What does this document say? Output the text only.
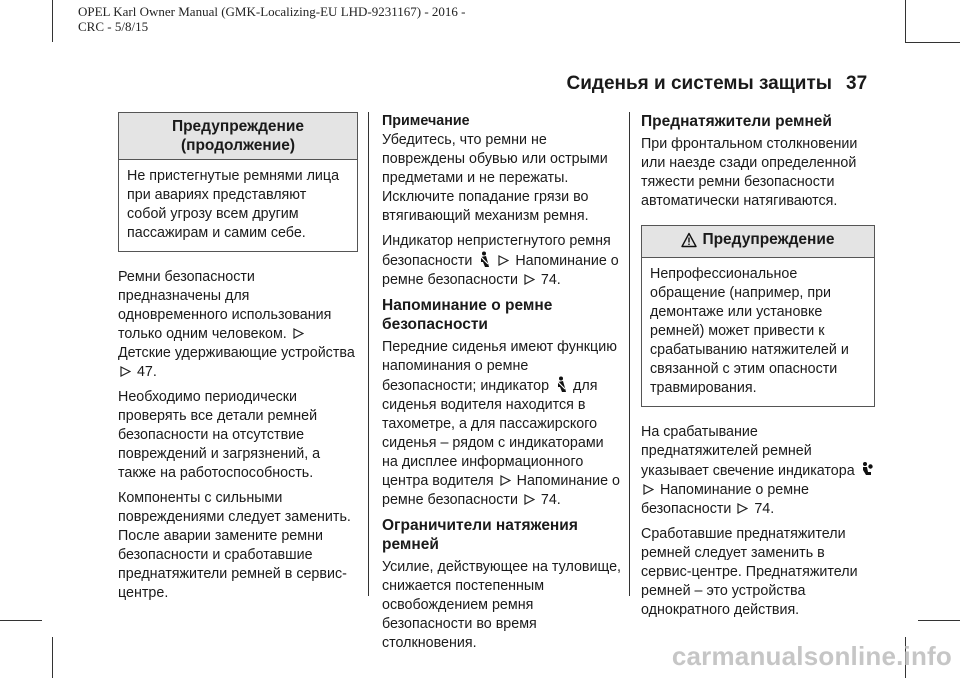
OPEL Karl Owner Manual (GMK-Localizing-EU LHD-9231167) - 2016 -
CRC - 5/8/15
Сиденья и системы защиты 37
Предупреждение
(продолжение)
Не пристегнутые ремнями лица при авариях представляют собой угрозу всем другим пассажирам и самим себе.

Ремни безопасности предназначены для одновременного использования только одним человеком.  Детские удерживающие устройства  47.

Необходимо периодически проверять все детали ремней безопасности на отсутствие повреждений и загрязнений, а также на работоспособность.

Компоненты с сильными повреждениями следует заменить. После аварии замените ремни безопасности и сработавшие преднатяжители ремней в сервис-центре.

Примечание

Убедитесь, что ремни не повреждены обувью или острыми предметами и не пережаты. Исключите попадание грязи во втягивающий механизм ремня.

Индикатор непристегнутого ремня безопасности	Напоминание о ремне безопасности 74.

Напоминание о ремне безопасности

Передние сиденья имеют функцию напоминания о ремне безопасности; индикатор для сиденья водителя находится в тахометре, а для пассажирского сиденья – рядом с индикаторами на дисплее информационного центра водителя Напоминание о ремне безопасности 74.

Ограничители натяжения ремней

Усилие, действующее на туловище, снижается постепенным освобождением ремня безопасности во время столкновения.

Преднатяжители ремней

При фронтальном столкновении или наезде сзади определенной тяжести ремни безопасности автоматически натягиваются.

Предупреждение
Непрофессиональное обращение (например, при демонтаже или установке ремней) может привести к срабатыванию натяжителей и связанной с этим опасности травмирования.

На срабатывание преднатяжителей ремней указывает свечение индикатора   Напоминание о ремне безопасности 74.

Сработавшие преднатяжители ремней следует заменить в сервис-центре. Преднатяжители ремней – это устройства однократного действия.

carmanualsonline.info
